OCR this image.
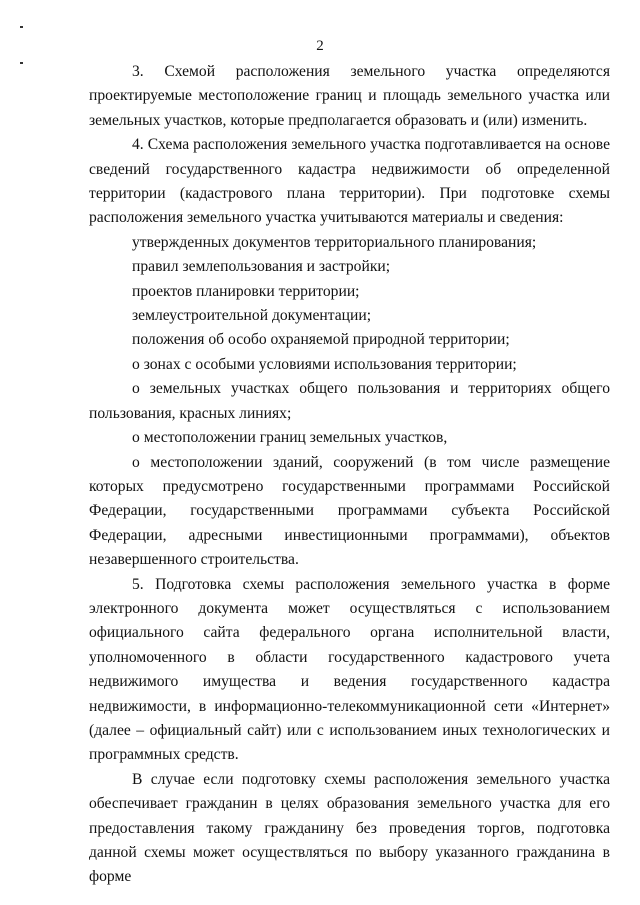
2

3. Схемой расположения земельного участка определяются проектируемые местоположение границ и площадь земельного участка или земельных участков, которые предполагается образовать и (или) изменить.

4. Схема расположения земельного участка подготавливается на основе сведений государственного кадастра недвижимости об определенной территории (кадастрового плана территории). При подготовке схемы расположения земельного участка учитываются материалы и сведения:

утвержденных документов территориального планирования;

правил землепользования и застройки;

проектов планировки территории;

землеустроительной документации;

положения об особо охраняемой природной территории;

о зонах с особыми условиями использования территории;

о земельных участках общего пользования и территориях общего пользования, красных линиях;

о местоположении границ земельных участков,

о местоположении зданий, сооружений (в том числе размещение которых предусмотрено государственными программами Российской Федерации, государственными программами субъекта Российской Федерации, адресными инвестиционными программами), объектов незавершенного строительства.

5. Подготовка схемы расположения земельного участка в форме электронного документа может осуществляться с использованием официального сайта федерального органа исполнительной власти, уполномоченного в области государственного кадастрового учета недвижимого имущества и ведения государственного кадастра недвижимости, в информационно-телекоммуникационной сети «Интернет» (далее – официальный сайт) или с использованием иных технологических и программных средств.

В случае если подготовку схемы расположения земельного участка обеспечивает гражданин в целях образования земельного участка для его предоставления такому гражданину без проведения торгов, подготовка данной схемы может осуществляться по выбору указанного гражданина в форме
